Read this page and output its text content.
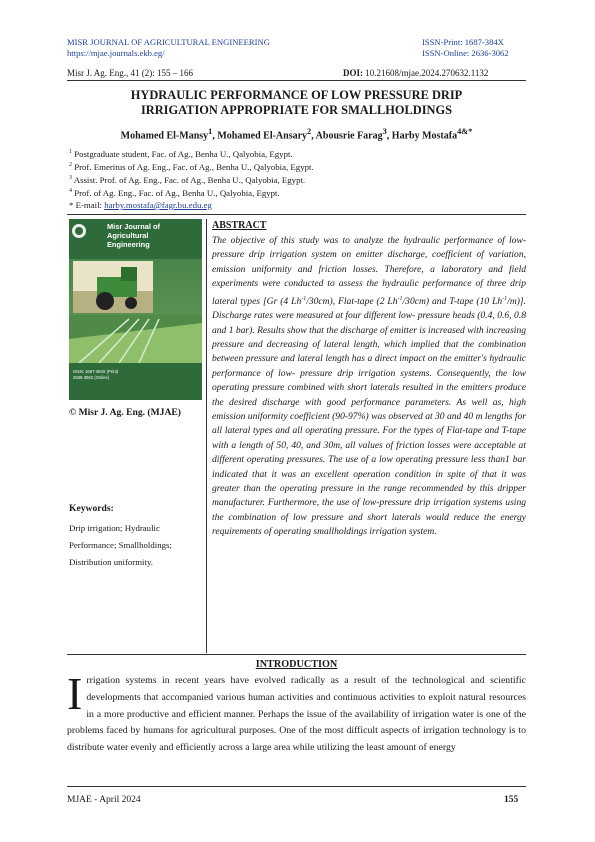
MISR JOURNAL OF AGRICULTURAL ENGINEERING
https://mjae.journals.ekb.eg/
ISSN-Print: 1687-384X
ISSN-Online: 2636-3062
Misr J. Ag. Eng., 41 (2): 155 – 166	DOI: 10.21608/mjae.2024.270632.1132
HYDRAULIC PERFORMANCE OF LOW PRESSURE DRIP
IRRIGATION APPROPRIATE FOR SMALLHOLDINGS
Mohamed El-Mansy$^1$, Mohamed El-Ansary$^2$, Abousrie Farag$^3$, Harby Mostafa$^{4\&*}$
$^1$ Postgraduate student, Fac. of Ag., Benha U., Qalyobia, Egypt.
$^2$ Prof. Emeritus of Ag. Eng., Fac. of Ag., Benha U., Qalyobia, Egypt.
$^3$ Assist. Prof. of Ag. Eng., Fac. of Ag., Benha U., Qalyobia, Egypt.
$^4$ Prof. of Ag. Eng., Fac. of Ag., Benha U., Qalyobia, Egypt.
* E-mail: harby.mostafa@fagr.bu.edu.eg
Misr Journal of
Agricultural
Engineering
ISSN: 1687-384X (Print)
2636-3062 (Online)
© Misr J. Ag. Eng. (MJAE)
Keywords:
Drip irrigation; Hydraulic
Performance; Smallholdings;
Distribution uniformity.
ABSTRACT
The objective of this study was to analyze the hydraulic performance of low-pressure drip irrigation system on emitter discharge, coefficient of variation, emission uniformity and friction losses. Therefore, a laboratory and field experiments were conducted to assess the hydraulic performance of three drip lateral types [Gr (4 $Lh^{-1}/30cm$), Flat-tape (2 $Lh^{-1}/30cm$) and T-tape (10 $Lh^{-1}/m$)]. Discharge rates were measured at four different low- pressure heads (0.4, 0.6, 0.8 and 1 bar). Results show that the discharge of emitter is increased with increasing pressure and decreasing of lateral length, which implied that the combination between pressure and lateral length has a direct impact on the emitter's hydraulic performance of low- pressure drip irrigation systems. Consequently, the low operating pressure combined with short laterals resulted in the emitters produce the desired discharge with good performance parameters. As well as, high emission uniformity coefficient (90-97%) was observed at 30 and 40 m lengths for all lateral types and all operating pressure. For the types of Flat-tape and T-tape with a length of 50, 40, and 30m, all values of friction losses were acceptable at different operating pressures. The use of a low operating pressure less than1 bar indicated that it was an excellent operation condition in spite of that it was greater than the operating pressure in the range recommended by this dripper manufacturer. Furthermore, the use of low-pressure drip irrigation systems using the combination of low pressure and short laterals would reduce the energy requirements of operating smallholdings irrigation system.
INTRODUCTION
Irrigation systems in recent years have evolved radically as a result of the technological and scientific developments that accompanied various human activities and continuous activities to exploit natural resources in a more productive and efficient manner. Perhaps the issue of the availability of irrigation water is one of the problems faced by humans for agricultural purposes. One of the most difficult aspects of irrigation technology is to distribute water evenly and efficiently across a large area while utilizing the least amount of energy
MJAE - April 2024	155
